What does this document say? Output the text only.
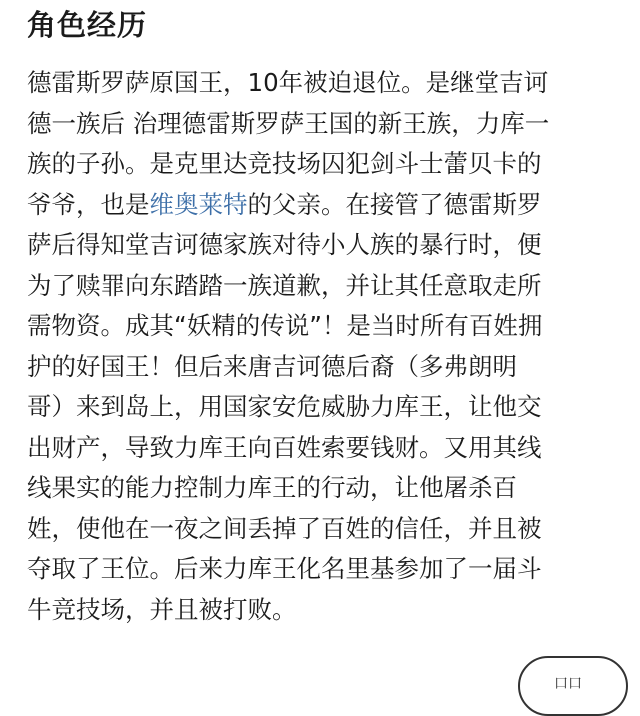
角色经历
德雷斯罗萨原国王，10年被迫退位。是继堂吉诃
德一族后 治理德雷斯罗萨王国的新王族，力库一
族的子孙。是克里达竞技场囚犯剑斗士蕾贝卡的
爷爷，也是维奥莱特的父亲。在接管了德雷斯罗
萨后得知堂吉诃德家族对待小人族的暴行时，便
为了赎罪向东踏踏一族道歉，并让其任意取走所
需物资。成其“妖精的传说”！是当时所有百姓拥
护的好国王！但后来唐吉诃德后裔（多弗朗明
哥）来到岛上，用国家安危威胁力库王，让他交
出财产，导致力库王向百姓索要钱财。又用其线
线果实的能力控制力库王的行动，让他屠杀百
姓，使他在一夜之间丢掉了百姓的信任，并且被
夺取了王位。后来力库王化名里基参加了一届斗
牛竞技场，并且被打败。
口口
